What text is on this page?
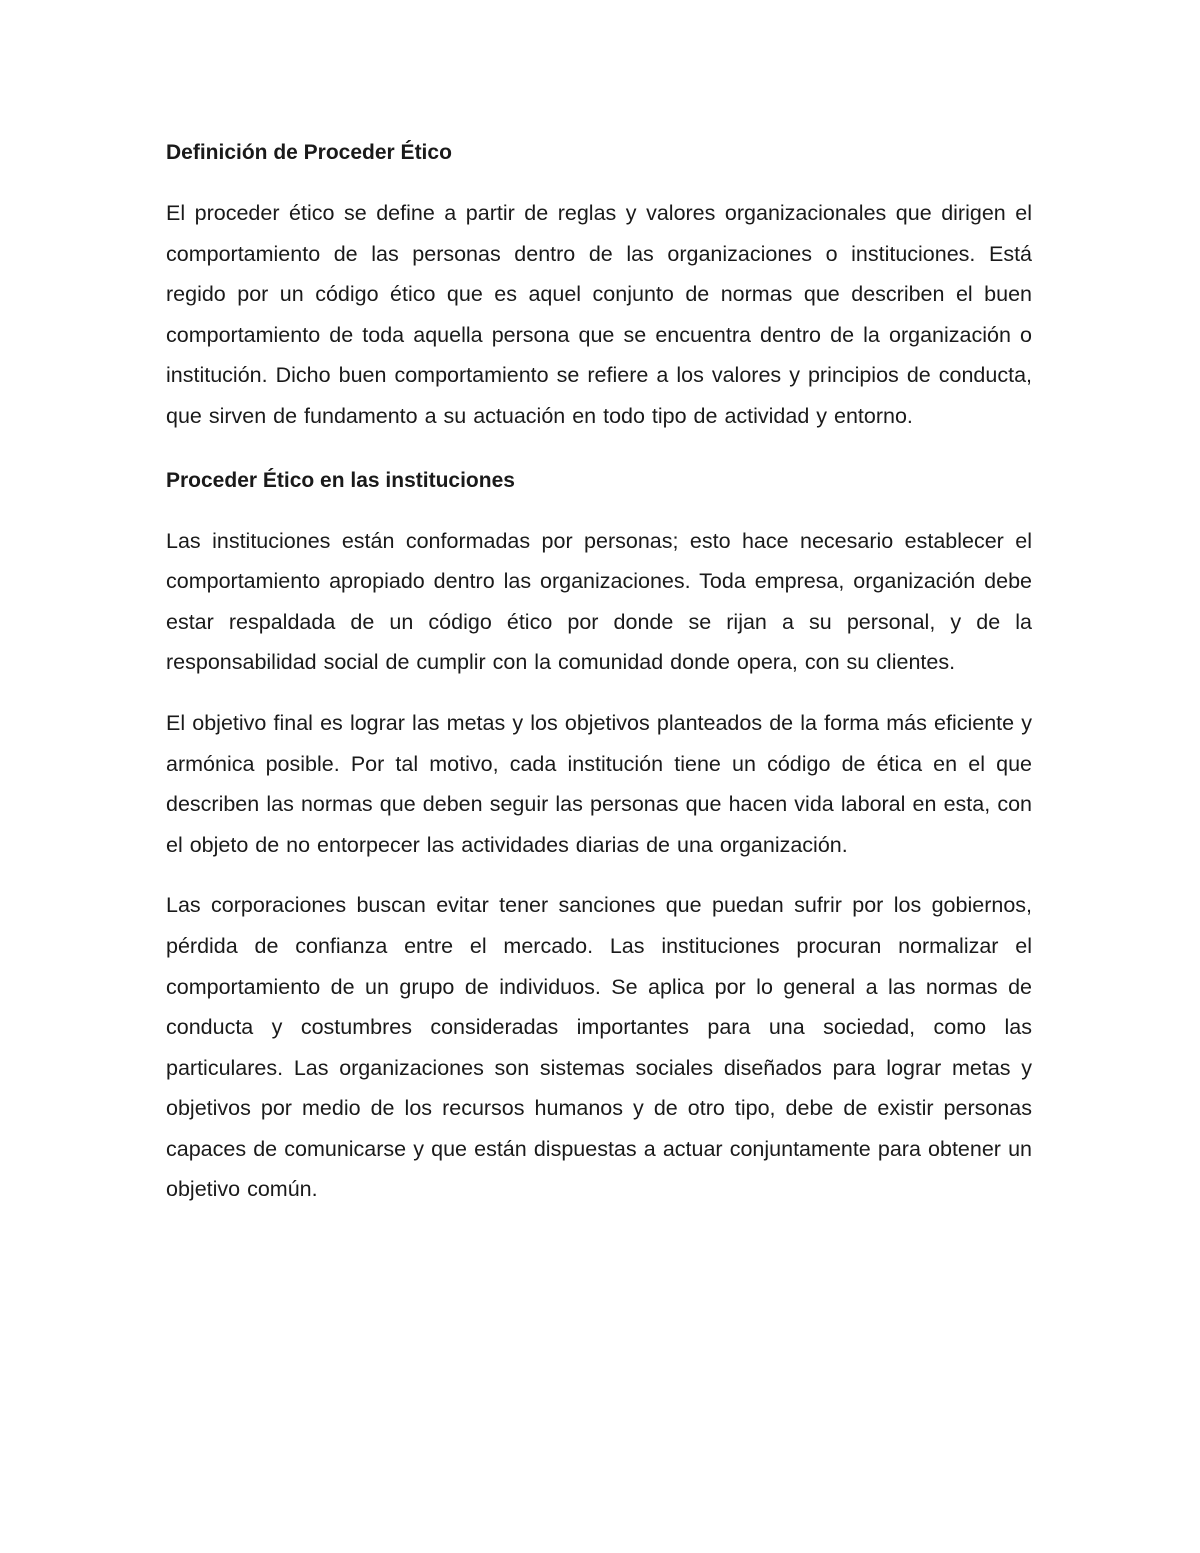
Definición de Proceder Ético

El proceder ético se define a partir de reglas y valores organizacionales que dirigen el comportamiento de las personas dentro de las organizaciones o instituciones. Está regido por un código ético que es aquel conjunto de normas que describen el buen comportamiento de toda aquella persona que se encuentra dentro de la organización o institución. Dicho buen comportamiento se refiere a los valores y principios de conducta, que sirven de fundamento a su actuación en todo tipo de actividad y entorno.

Proceder Ético en las instituciones

Las instituciones están conformadas por personas; esto hace necesario establecer el comportamiento apropiado dentro las organizaciones. Toda empresa, organización debe estar respaldada de un código ético por donde se rijan a su personal, y de la responsabilidad social de cumplir con la comunidad donde opera, con su clientes.

El objetivo final es lograr las metas y los objetivos planteados de la forma más eficiente y armónica posible. Por tal motivo, cada institución tiene un código de ética en el que describen las normas que deben seguir las personas que hacen vida laboral en esta, con el objeto de no entorpecer las actividades diarias de una organización.

Las corporaciones buscan evitar tener sanciones que puedan sufrir por los gobiernos, pérdida de confianza entre el mercado. Las instituciones procuran normalizar el comportamiento de un grupo de individuos. Se aplica por lo general a las normas de conducta y costumbres consideradas importantes para una sociedad, como las particulares. Las organizaciones son sistemas sociales diseñados para lograr metas y objetivos por medio de los recursos humanos y de otro tipo, debe de existir personas capaces de comunicarse y que están dispuestas a actuar conjuntamente para obtener un objetivo común.
